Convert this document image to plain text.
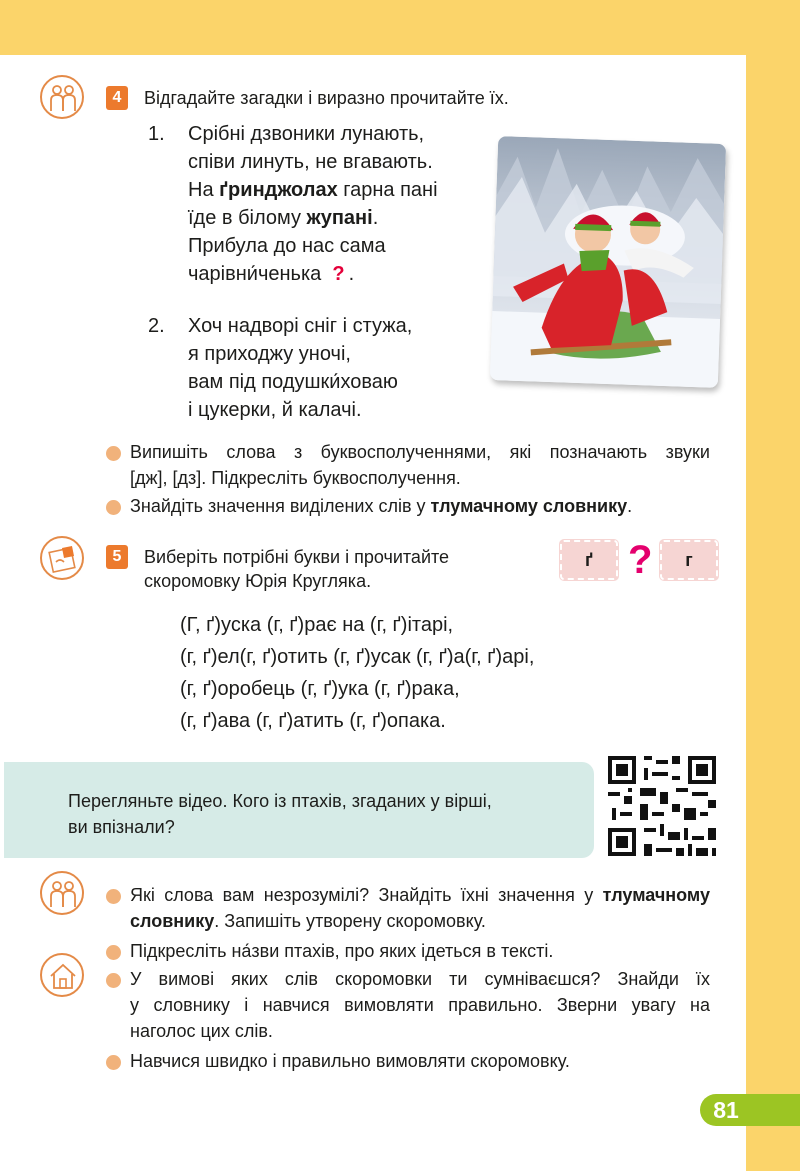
81
4	Відгадайте загадки і виразно прочитайте їх.
1. Срібні дзвоники лунають,
співи линуть, не вгавають.
На ґринджолах гарна пані
їде в білому жупані.
Прибула до нас сама
чарівни́ченька ?  .
2. Хоч надворі сніг і стужа,
я приходжу уночі,
вам під подушки́ховаю
і цукерки, й калачі.
Випишіть слова з буквосполученнями, які позначають звуки
[дж], [дз]. Підкресліть буквосполучення.
Знайдіть значення виділених слів у тлумачному словнику.
5	Виберіть потрібні букви і прочитайте
скоромовку Юрія Кругляка.
ґ ?	г
(Г, ґ)уска (г, ґ)рає на (г, ґ)ітарі,
(г, ґ)ел(г, ґ)отить (г, ґ)усак (г, ґ)а(г, ґ)арі,
(г, ґ)оробець (г, ґ)ука (г, ґ)рака,
(г, ґ)ава (г, ґ)атить (г, ґ)опака.
Перегляньте відео. Кого із птахів, згаданих у вірші,
ви впізнали?
Які слова вам незрозумілі? Знайдіть їхні значення у тлумачному
словнику. Запишіть утворену скоромовку.
Підкресліть на́зви птахів, про яких ідеться в тексті.
У вимові яких слів скоромовки ти сумніваєшся? Знайди їх
у словнику і навчися вимовляти правильно. Зверни увагу на
наголос цих слів.
Навчися швидко і правильно вимовляти скоромовку.
